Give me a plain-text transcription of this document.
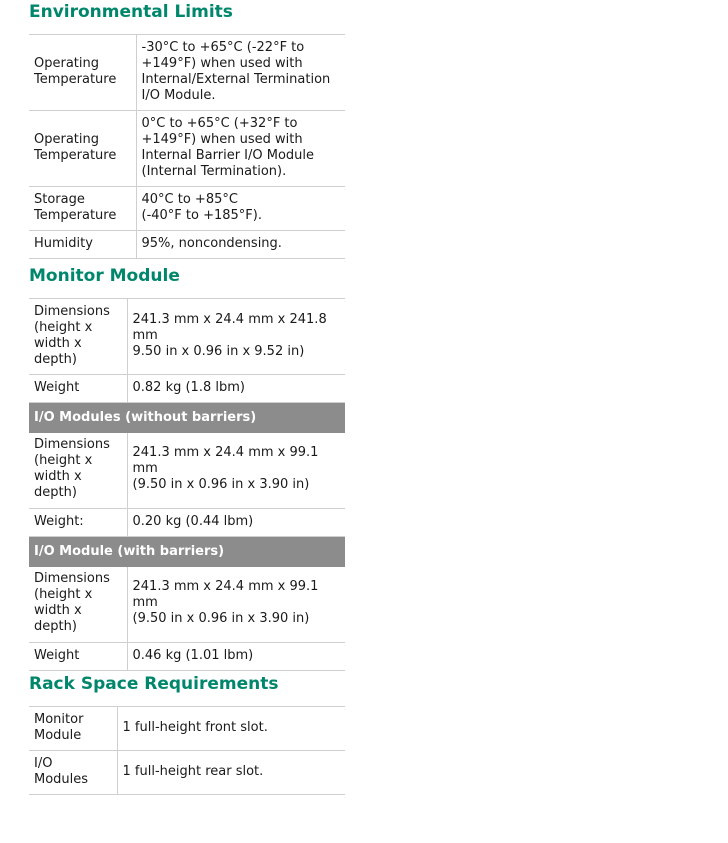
Environmental Limits
Operating
Temperature	-30°C to +65°C (-22°F to
+149°F) when used with
Internal/External Termination
I/O Module.
Operating
Temperature	0°C to +65°C (+32°F to
+149°F) when used with
Internal Barrier I/O Module
(Internal Termination).
Storage
Temperature	40°C to +85°C
(-40°F to +185°F).
Humidity	95%, noncondensing.
Monitor Module
Dimensions
(height x
width x
depth)	241.3 mm x 24.4 mm x 241.8 mm
9.50 in x 0.96 in x 9.52 in)
Weight	0.82 kg (1.8 lbm)
I/O Modules (without barriers)	
Dimensions
(height x
width x
depth)	241.3 mm x 24.4 mm x 99.1 mm
(9.50 in x 0.96 in x 3.90 in)
Weight:	0.20 kg (0.44 lbm)
I/O Module (with barriers)	
Dimensions
(height x
width x
depth)	241.3 mm x 24.4 mm x 99.1 mm
(9.50 in x 0.96 in x 3.90 in)
Weight	0.46 kg (1.01 lbm)
Rack Space Requirements
Monitor
Module	1 full-height front slot.
I/O
Modules	1 full-height rear slot.
